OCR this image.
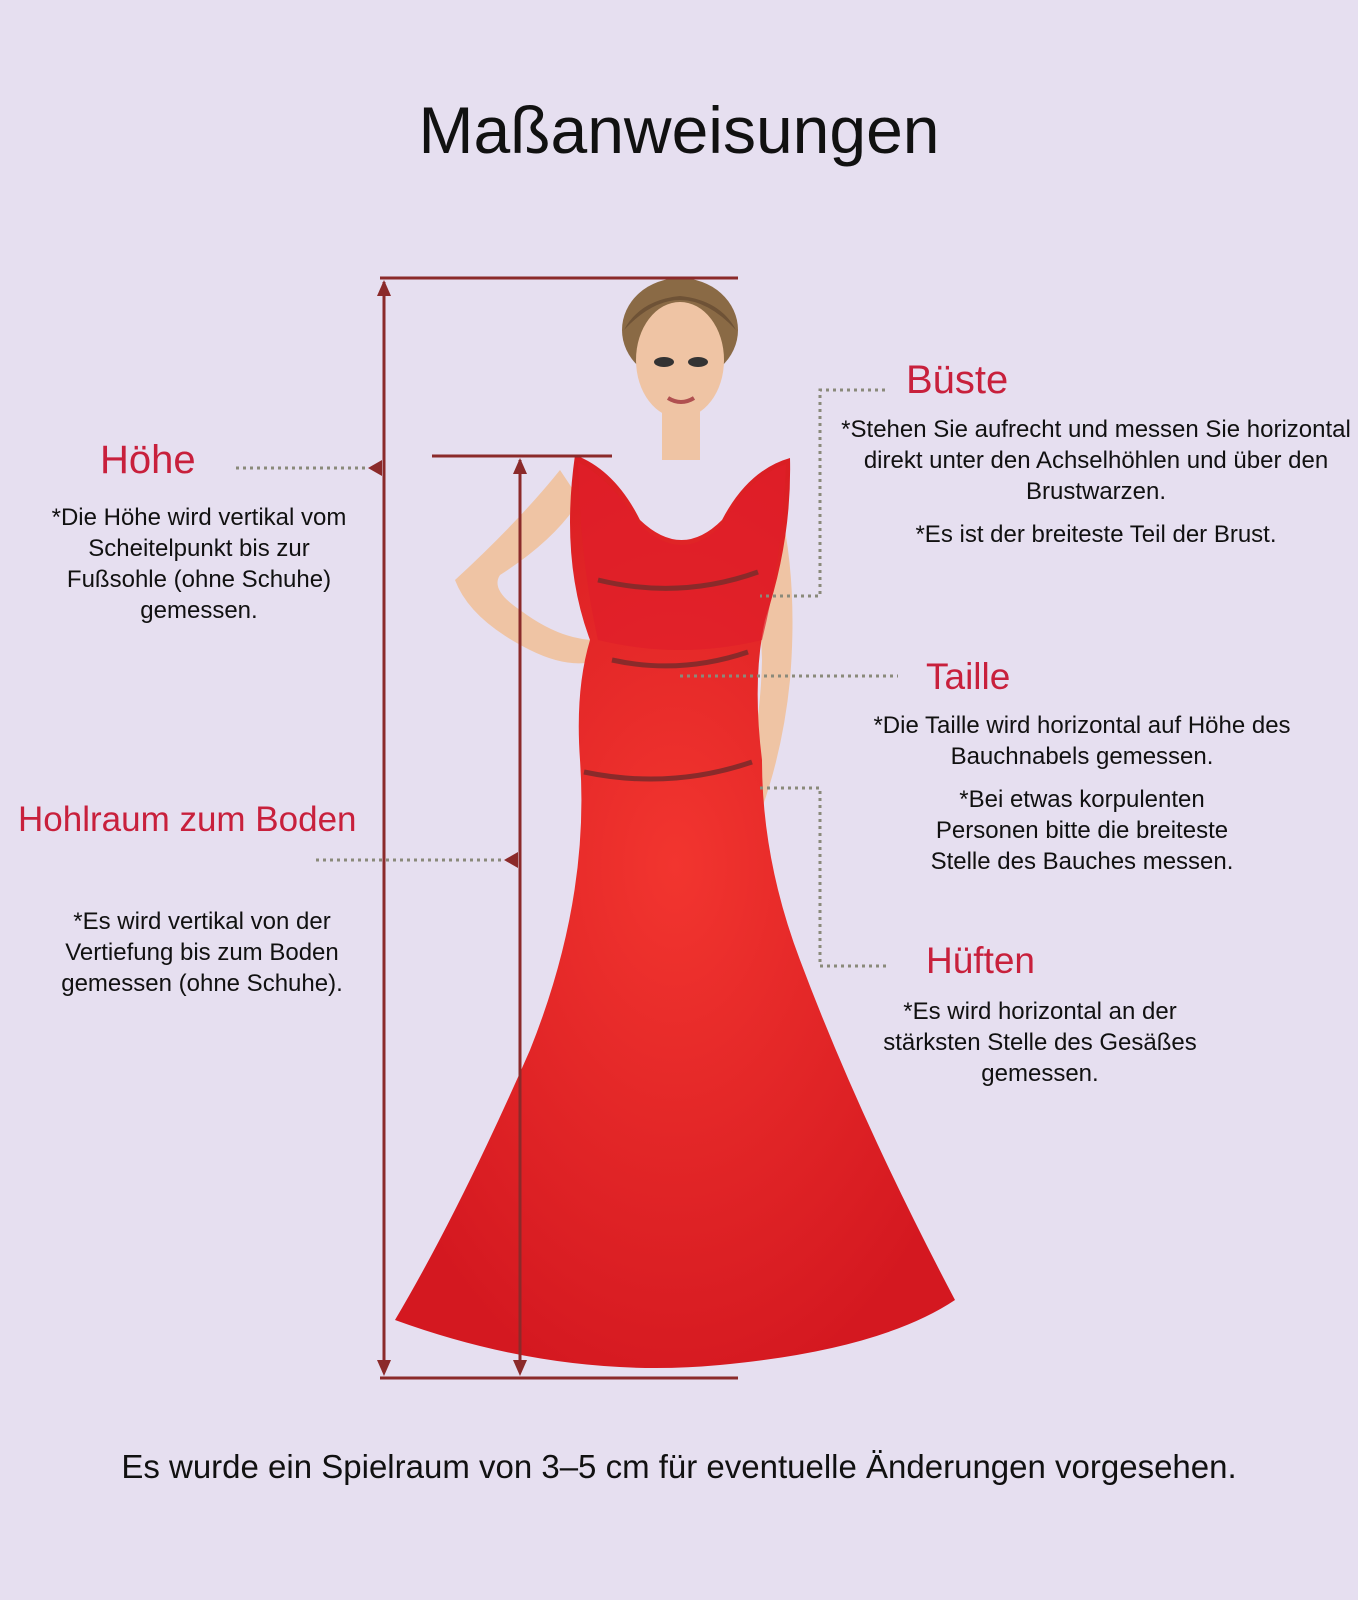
Maßanweisungen
Höhe
*Die Höhe wird vertikal vom Scheitelpunkt bis zur Fußsohle (ohne Schuhe) gemessen.
Hohlraum zum Boden
*Es wird vertikal von der Vertiefung bis zum Boden gemessen (ohne Schuhe).
Büste

*Stehen Sie aufrecht und messen Sie horizontal direkt unter den Achselhöhlen und über den Brustwarzen.

*Es ist der breiteste Teil der Brust.

Taille

*Die Taille wird horizontal auf Höhe des Bauchnabels gemessen.

*Bei etwas korpulenten Personen bitte die breiteste Stelle des Bauches messen.

Hüften
*Es wird horizontal an der stärksten Stelle des Gesäßes gemessen.
Es wurde ein Spielraum von 3–5 cm für eventuelle Änderungen vorgesehen.
